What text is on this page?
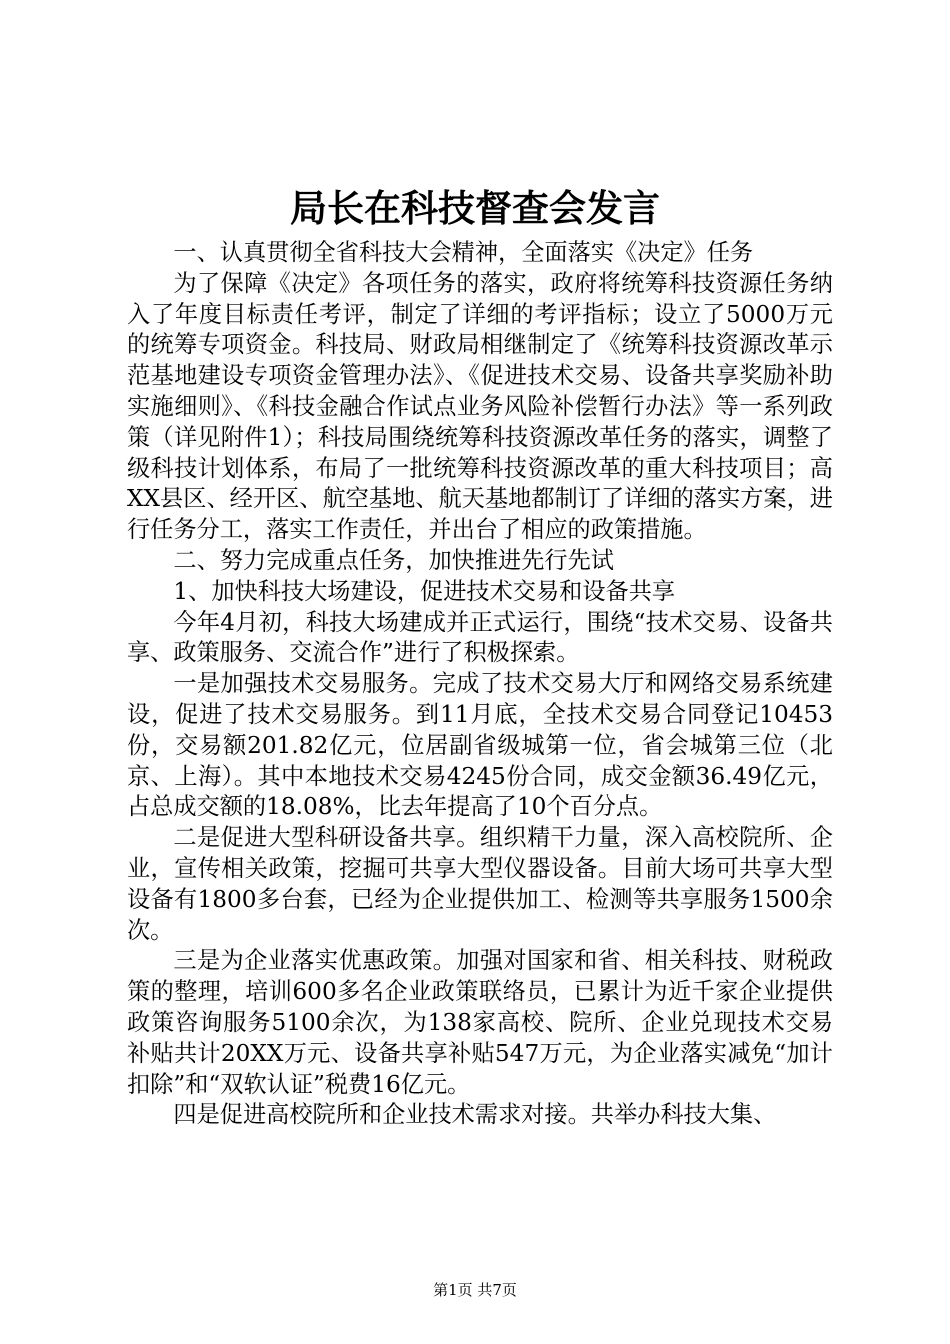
局长在科技督查会发言

一、认真贯彻全省科技大会精神，全面落实《决定》任务

为了保障《决定》各项任务的落实，政府将统筹科技资源任务纳入了年度目标责任考评，制定了详细的考评指标；设立了5000万元的统筹专项资金。科技局、财政局相继制定了《统筹科技资源改革示范基地建设专项资金管理办法》、《促进技术交易、设备共享奖励补助实施细则》、《科技金融合作试点业务风险补偿暂行办法》等一系列政策（详见附件1）；科技局围绕统筹科技资源改革任务的落实，调整了级科技计划体系，布局了一批统筹科技资源改革的重大科技项目；高XX县区、经开区、航空基地、航天基地都制订了详细的落实方案，进行任务分工，落实工作责任，并出台了相应的政策措施。

二、努力完成重点任务，加快推进先行先试

1、加快科技大场建设，促进技术交易和设备共享

今年4月初，科技大场建成并正式运行，围绕“技术交易、设备共享、政策服务、交流合作”进行了积极探索。

一是加强技术交易服务。完成了技术交易大厅和网络交易系统建设，促进了技术交易服务。到11月底，全技术交易合同登记10453份，交易额201.82亿元，位居副省级城第一位，省会城第三位（北京、上海）。其中本地技术交易4245份合同，成交金额36.49亿元，占总成交额的18.08%，比去年提高了10个百分点。

二是促进大型科研设备共享。组织精干力量，深入高校院所、企业，宣传相关政策，挖掘可共享大型仪器设备。目前大场可共享大型设备有1800多台套，已经为企业提供加工、检测等共享服务1500余次。

三是为企业落实优惠政策。加强对国家和省、相关科技、财税政策的整理，培训600多名企业政策联络员，已累计为近千家企业提供政策咨询服务5100余次，为138家高校、院所、企业兑现技术交易补贴共计20XX万元、设备共享补贴547万元，为企业落实减免“加计扣除”和“双软认证”税费16亿元。

四是促进高校院所和企业技术需求对接。共举办科技大集、

第1页 共7页
